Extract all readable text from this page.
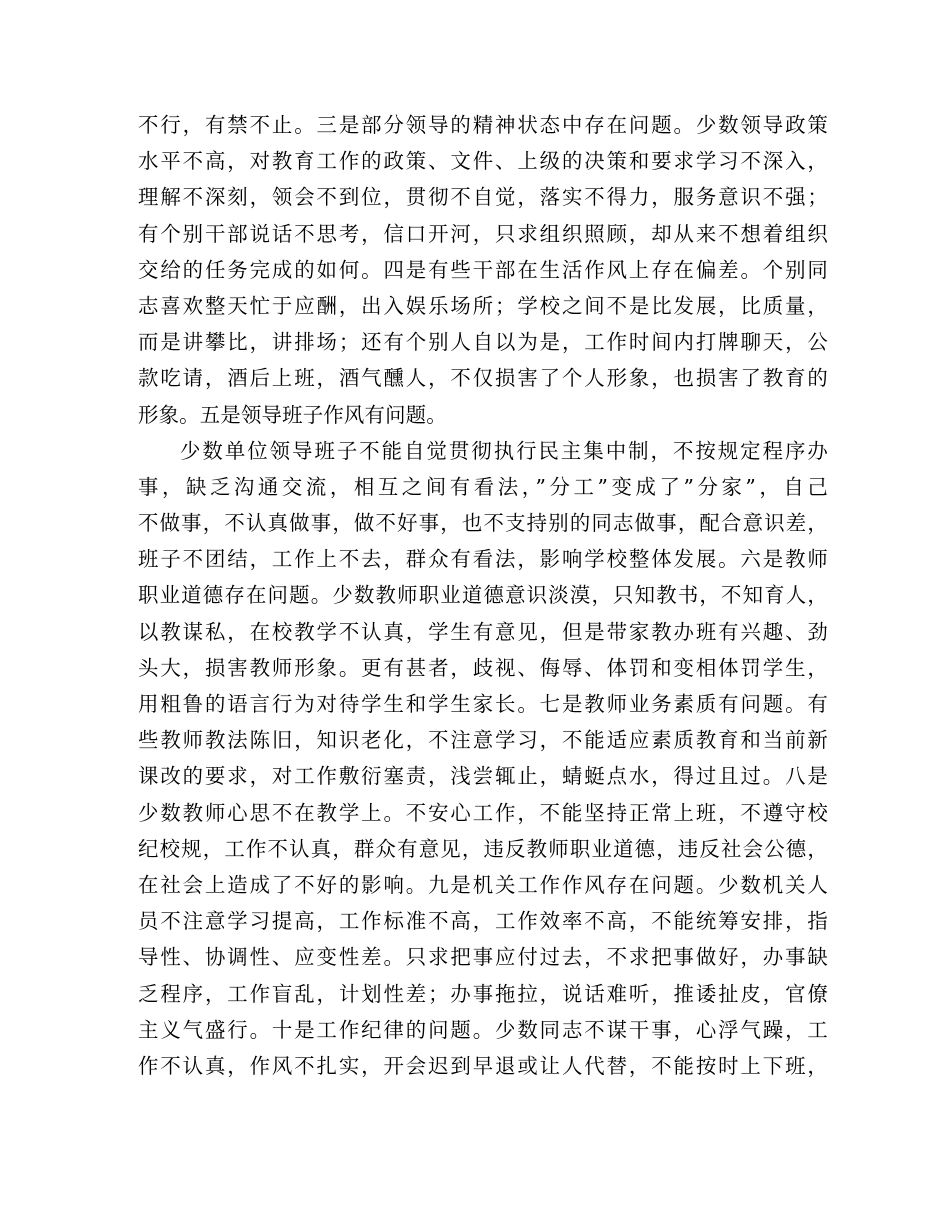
不行，有禁不止。三是部分领导的精神状态中存在问题。少数领导政策
水平不高，对教育工作的政策、文件、上级的决策和要求学习不深入，
理解不深刻，领会不到位，贯彻不自觉，落实不得力，服务意识不强；
有个别干部说话不思考，信口开河，只求组织照顾，却从来不想着组织
交给的任务完成的如何。四是有些干部在生活作风上存在偏差。个别同
志喜欢整天忙于应酬，出入娱乐场所；学校之间不是比发展，比质量，
而是讲攀比，讲排场；还有个别人自以为是，工作时间内打牌聊天，公
款吃请，酒后上班，酒气醺人，不仅损害了个人形象，也损害了教育的
形象。五是领导班子作风有问题。
少数单位领导班子不能自觉贯彻执行民主集中制，不按规定程序办
事，缺乏沟通交流，相互之间有看法，”分工”变成了”分家”，自己
不做事，不认真做事，做不好事，也不支持别的同志做事，配合意识差，
班子不团结，工作上不去，群众有看法，影响学校整体发展。六是教师
职业道德存在问题。少数教师职业道德意识淡漠，只知教书，不知育人，
以教谋私，在校教学不认真，学生有意见，但是带家教办班有兴趣、劲
头大，损害教师形象。更有甚者，歧视、侮辱、体罚和变相体罚学生，
用粗鲁的语言行为对待学生和学生家长。七是教师业务素质有问题。有
些教师教法陈旧，知识老化，不注意学习，不能适应素质教育和当前新
课改的要求，对工作敷衍塞责，浅尝辄止，蜻蜓点水，得过且过。八是
少数教师心思不在教学上。不安心工作，不能坚持正常上班，不遵守校
纪校规，工作不认真，群众有意见，违反教师职业道德，违反社会公德，
在社会上造成了不好的影响。九是机关工作作风存在问题。少数机关人
员不注意学习提高，工作标准不高，工作效率不高，不能统筹安排，指
导性、协调性、应变性差。只求把事应付过去，不求把事做好，办事缺
乏程序，工作盲乱，计划性差；办事拖拉，说话难听，推诿扯皮，官僚
主义气盛行。十是工作纪律的问题。少数同志不谋干事，心浮气躁，工
作不认真，作风不扎实，开会迟到早退或让人代替，不能按时上下班，
